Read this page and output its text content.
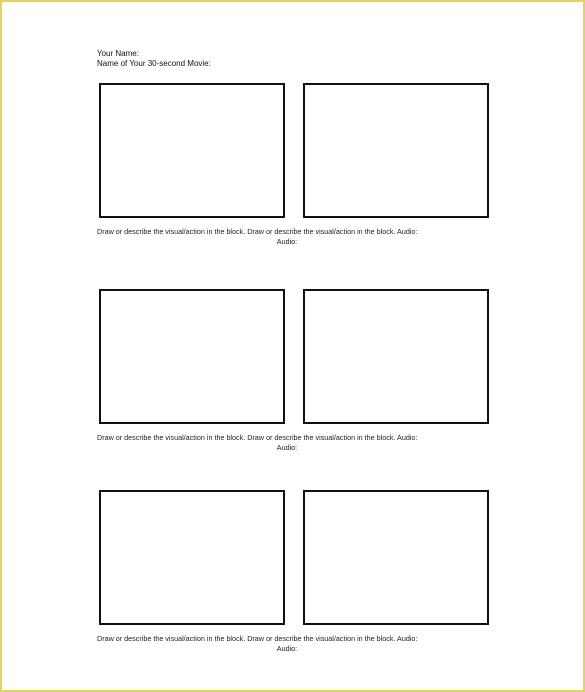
Your Name:
Name of Your 30-second Movie:
Draw or describe the visual/action in the block. Draw or describe the visual/action in the block. Audio:
Audio:
Draw or describe the visual/action in the block. Draw or describe the visual/action in the block. Audio:
Audio:
Draw or describe the visual/action in the block. Draw or describe the visual/action in the block. Audio:
Audio:
